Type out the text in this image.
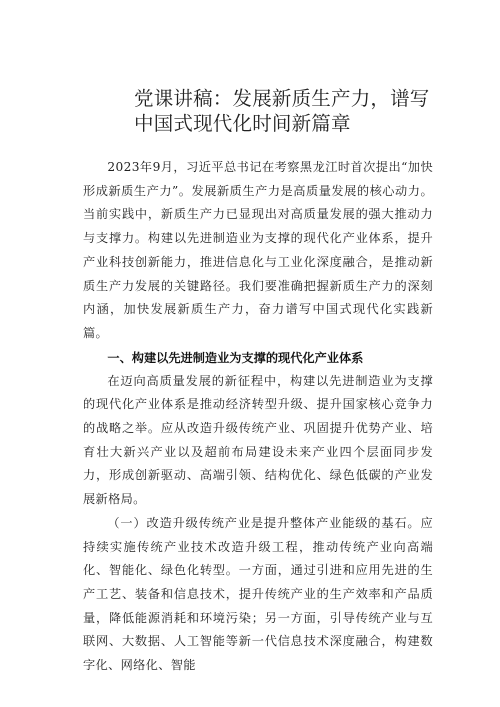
党课讲稿：发展新质生产力，谱写中国式现代化时间新篇章

2023年9月，习近平总书记在考察黑龙江时首次提出“加快形成新质生产力”。发展新质生产力是高质量发展的核心动力。当前实践中，新质生产力已显现出对高质量发展的强大推动力与支撑力。构建以先进制造业为支撑的现代化产业体系，提升产业科技创新能力，推进信息化与工业化深度融合，是推动新质生产力发展的关键路径。我们要准确把握新质生产力的深刻内涵，加快发展新质生产力，奋力谱写中国式现代化实践新篇。

一、构建以先进制造业为支撑的现代化产业体系

在迈向高质量发展的新征程中，构建以先进制造业为支撑的现代化产业体系是推动经济转型升级、提升国家核心竞争力的战略之举。应从改造升级传统产业、巩固提升优势产业、培育壮大新兴产业以及超前布局建设未来产业四个层面同步发力，形成创新驱动、高端引领、结构优化、绿色低碳的产业发展新格局。

（一）改造升级传统产业是提升整体产业能级的基石。应持续实施传统产业技术改造升级工程，推动传统产业向高端化、智能化、绿色化转型。一方面，通过引进和应用先进的生产工艺、装备和信息技术，提升传统产业的生产效率和产品质量，降低能源消耗和环境污染；另一方面，引导传统产业与互联网、大数据、人工智能等新一代信息技术深度融合，构建数字化、网络化、智能
